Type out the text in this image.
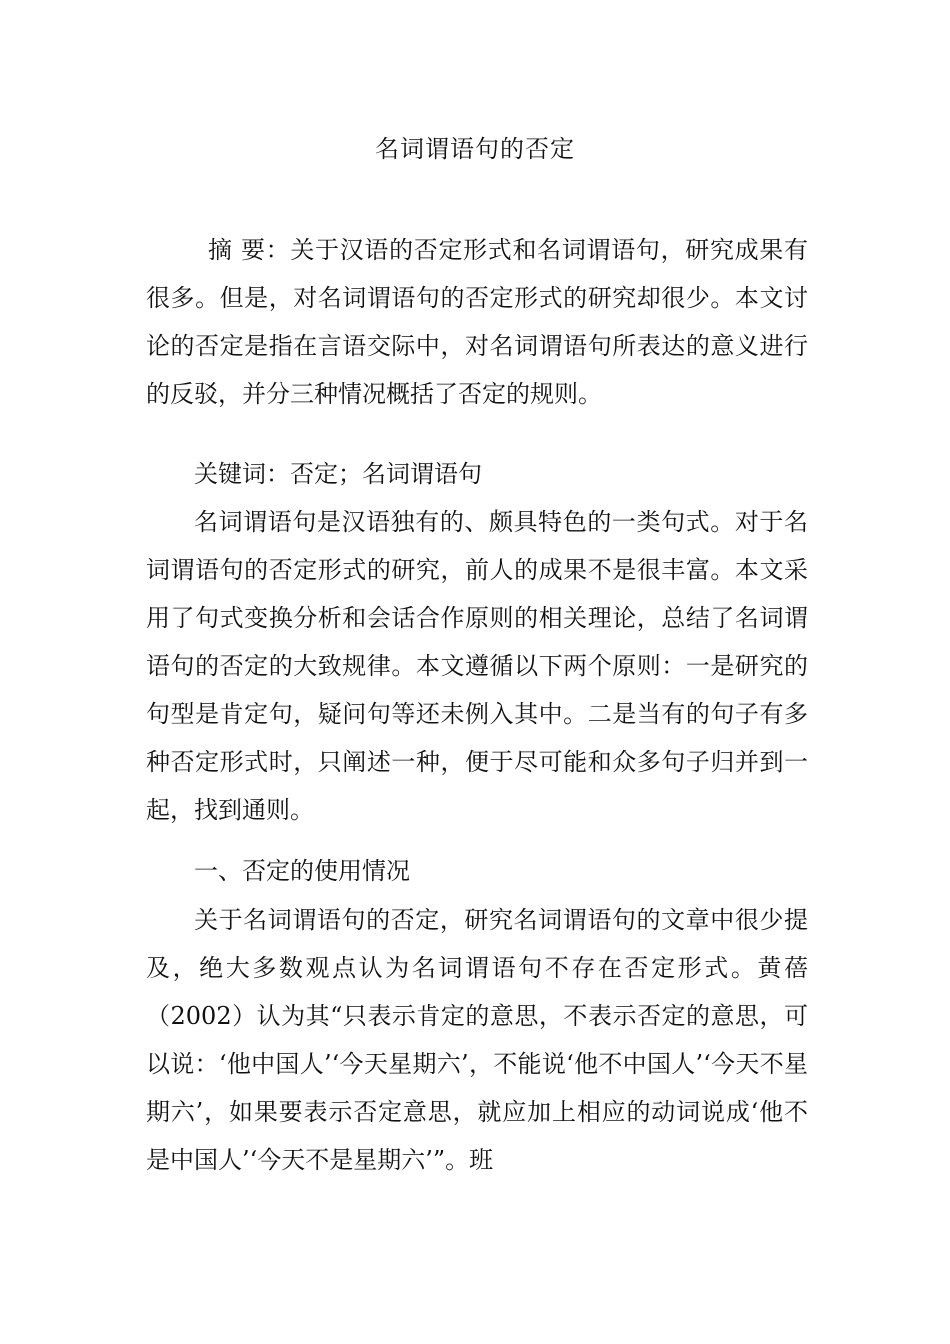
名词谓语句的否定

摘 要：关于汉语的否定形式和名词谓语句，研究成果有很多。但是，对名词谓语句的否定形式的研究却很少。本文讨论的否定是指在言语交际中，对名词谓语句所表达的意义进行的反驳，并分三种情况概括了否定的规则。

关键词：否定；名词谓语句

名词谓语句是汉语独有的、颇具特色的一类句式。对于名词谓语句的否定形式的研究，前人的成果不是很丰富。本文采用了句式变换分析和会话合作原则的相关理论，总结了名词谓语句的否定的大致规律。本文遵循以下两个原则：一是研究的句型是肯定句，疑问句等还未例入其中。二是当有的句子有多种否定形式时，只阐述一种，便于尽可能和众多句子归并到一起，找到通则。

一、否定的使用情况

关于名词谓语句的否定，研究名词谓语句的文章中很少提及，绝大多数观点认为名词谓语句不存在否定形式。黄蓓（2002）认为其“只表示肯定的意思，不表示否定的意思，可以说：‘他中国人’‘今天星期六’，不能说‘他不中国人’‘今天不星期六’，如果要表示否定意思，就应加上相应的动词说成‘他不是中国人’‘今天不是星期六’”。班
